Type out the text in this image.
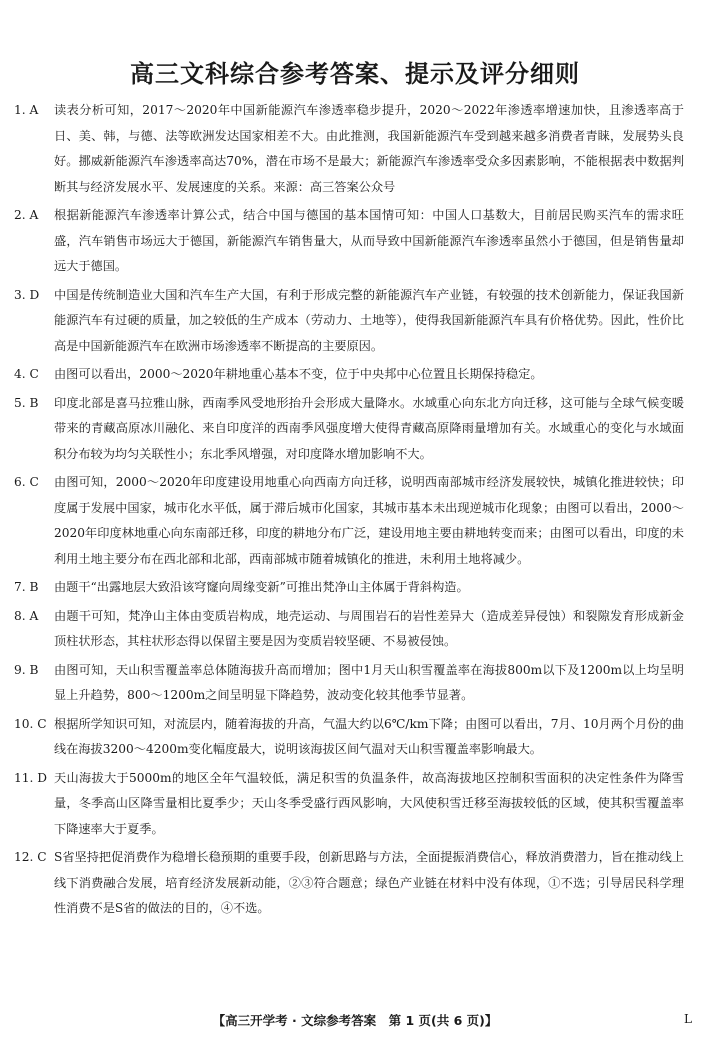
高三文科综合参考答案、提示及评分细则
1. A	读表分析可知，2017～2020年中国新能源汽车渗透率稳步提升，2020～2022年渗透率增速加快，且渗透率高于日、美、韩，与德、法等欧洲发达国家相差不大。由此推测，我国新能源汽车受到越来越多消费者青睐，发展势头良好。挪威新能源汽车渗透率高达70%，潜在市场不是最大；新能源汽车渗透率受众多因素影响，不能根据表中数据判断其与经济发展水平、发展速度的关系。来源：高三答案公众号
2. A	根据新能源汽车渗透率计算公式，结合中国与德国的基本国情可知：中国人口基数大，目前居民购买汽车的需求旺盛，汽车销售市场远大于德国，新能源汽车销售量大，从而导致中国新能源汽车渗透率虽然小于德国，但是销售量却远大于德国。
3. D	中国是传统制造业大国和汽车生产大国，有利于形成完整的新能源汽车产业链，有较强的技术创新能力，保证我国新能源汽车有过硬的质量，加之较低的生产成本（劳动力、土地等），使得我国新能源汽车具有价格优势。因此，性价比高是中国新能源汽车在欧洲市场渗透率不断提高的主要原因。
4. C	由图可以看出，2000～2020年耕地重心基本不变，位于中央邦中心位置且长期保持稳定。
5. B	印度北部是喜马拉雅山脉，西南季风受地形抬升会形成大量降水。水域重心向东北方向迁移，这可能与全球气候变暖带来的青藏高原冰川融化、来自印度洋的西南季风强度增大使得青藏高原降雨量增加有关。水域重心的变化与水域面积分布较为均匀关联性小；东北季风增强，对印度降水增加影响不大。
6. C	由图可知，2000～2020年印度建设用地重心向西南方向迁移，说明西南部城市经济发展较快，城镇化推进较快；印度属于发展中国家，城市化水平低，属于滞后城市化国家，其城市基本未出现逆城市化现象；由图可以看出，2000～2020年印度林地重心向东南部迁移，印度的耕地分布广泛，建设用地主要由耕地转变而来；由图可以看出，印度的未利用土地主要分布在西北部和北部，西南部城市随着城镇化的推进，未利用土地将减少。
7. B	由题干“出露地层大致沿该穹窿向周缘变新”可推出梵净山主体属于背斜构造。
8. A	由题干可知，梵净山主体由变质岩构成，地壳运动、与周围岩石的岩性差异大（造成差异侵蚀）和裂隙发育形成新金顶柱状形态，其柱状形态得以保留主要是因为变质岩较坚硬、不易被侵蚀。
9. B	由图可知，天山积雪覆盖率总体随海拔升高而增加；图中1月天山积雪覆盖率在海拔800m以下及1200m以上均呈明显上升趋势，800～1200m之间呈明显下降趋势，波动变化较其他季节显著。
10. C 根据所学知识可知，对流层内，随着海拔的升高，气温大约以6℃/km下降；由图可以看出，7月、10月两个月份的曲线在海拔3200～4200m变化幅度最大，说明该海拔区间气温对天山积雪覆盖率影响最大。
11. D 天山海拔大于5000m的地区全年气温较低，满足积雪的负温条件，故高海拔地区控制积雪面积的决定性条件为降雪量，冬季高山区降雪量相比夏季少；天山冬季受盛行西风影响，大风使积雪迁移至海拔较低的区域，使其积雪覆盖率下降速率大于夏季。
12. C S省坚持把促消费作为稳增长稳预期的重要手段，创新思路与方法，全面提振消费信心，释放消费潜力，旨在推动线上线下消费融合发展，培育经济发展新动能，②③符合题意；绿色产业链在材料中没有体现，①不选；引导居民科学理性消费不是S省的做法的目的，④不选。
【高三开学考 · 文综参考答案　第 1 页(共 6 页)】	L
